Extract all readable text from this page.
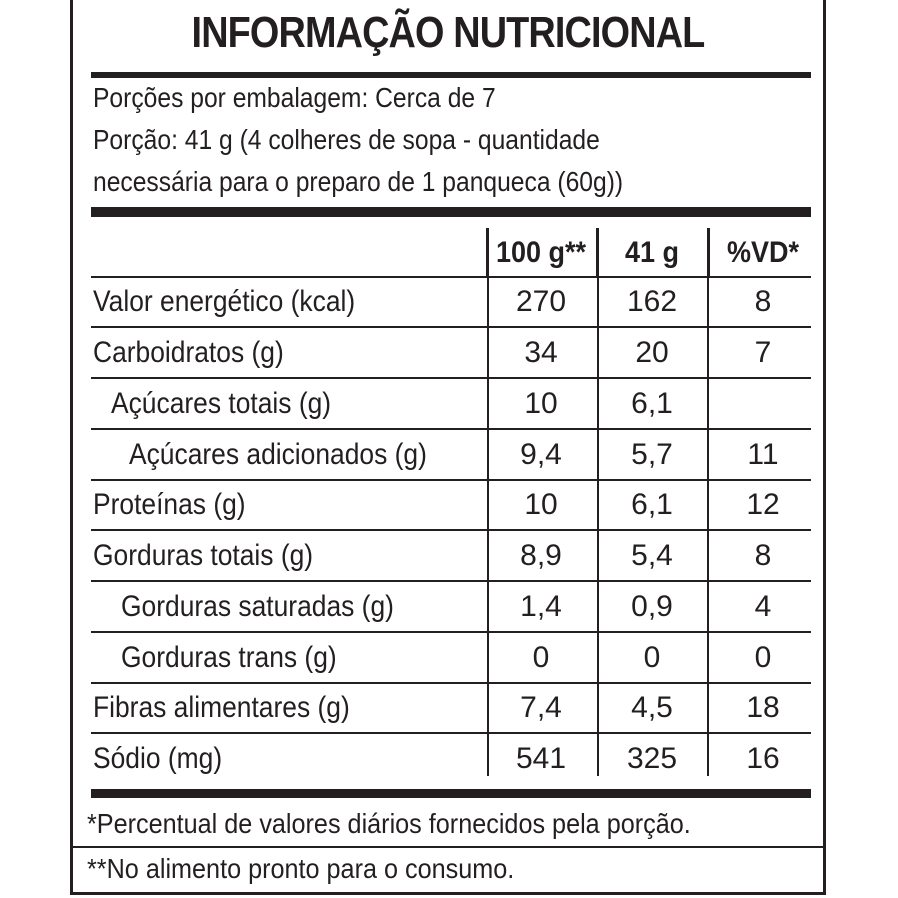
INFORMAÇÃO NUTRICIONAL
Porções por embalagem: Cerca de 7
Porção: 41 g (4 colheres de sopa - quantidade
necessária para o preparo de 1 panqueca (60g))
100 g**	41 g	%VD*
Valor energético (kcal)	270	162	8
Carboidratos (g)	34	20	7
Açúcares totais (g)	10	6,1
Açúcares adicionados (g)	9,4	5,7	11
Proteínas (g)	10	6,1	12
Gorduras totais (g)	8,9	5,4	8
Gorduras saturadas (g)	1,4	0,9	4
Gorduras trans (g)	0	0	0
Fibras alimentares (g)	7,4	4,5	18
Sódio (mg)	541	325	16
*Percentual de valores diários fornecidos pela porção.
**No alimento pronto para o consumo.
